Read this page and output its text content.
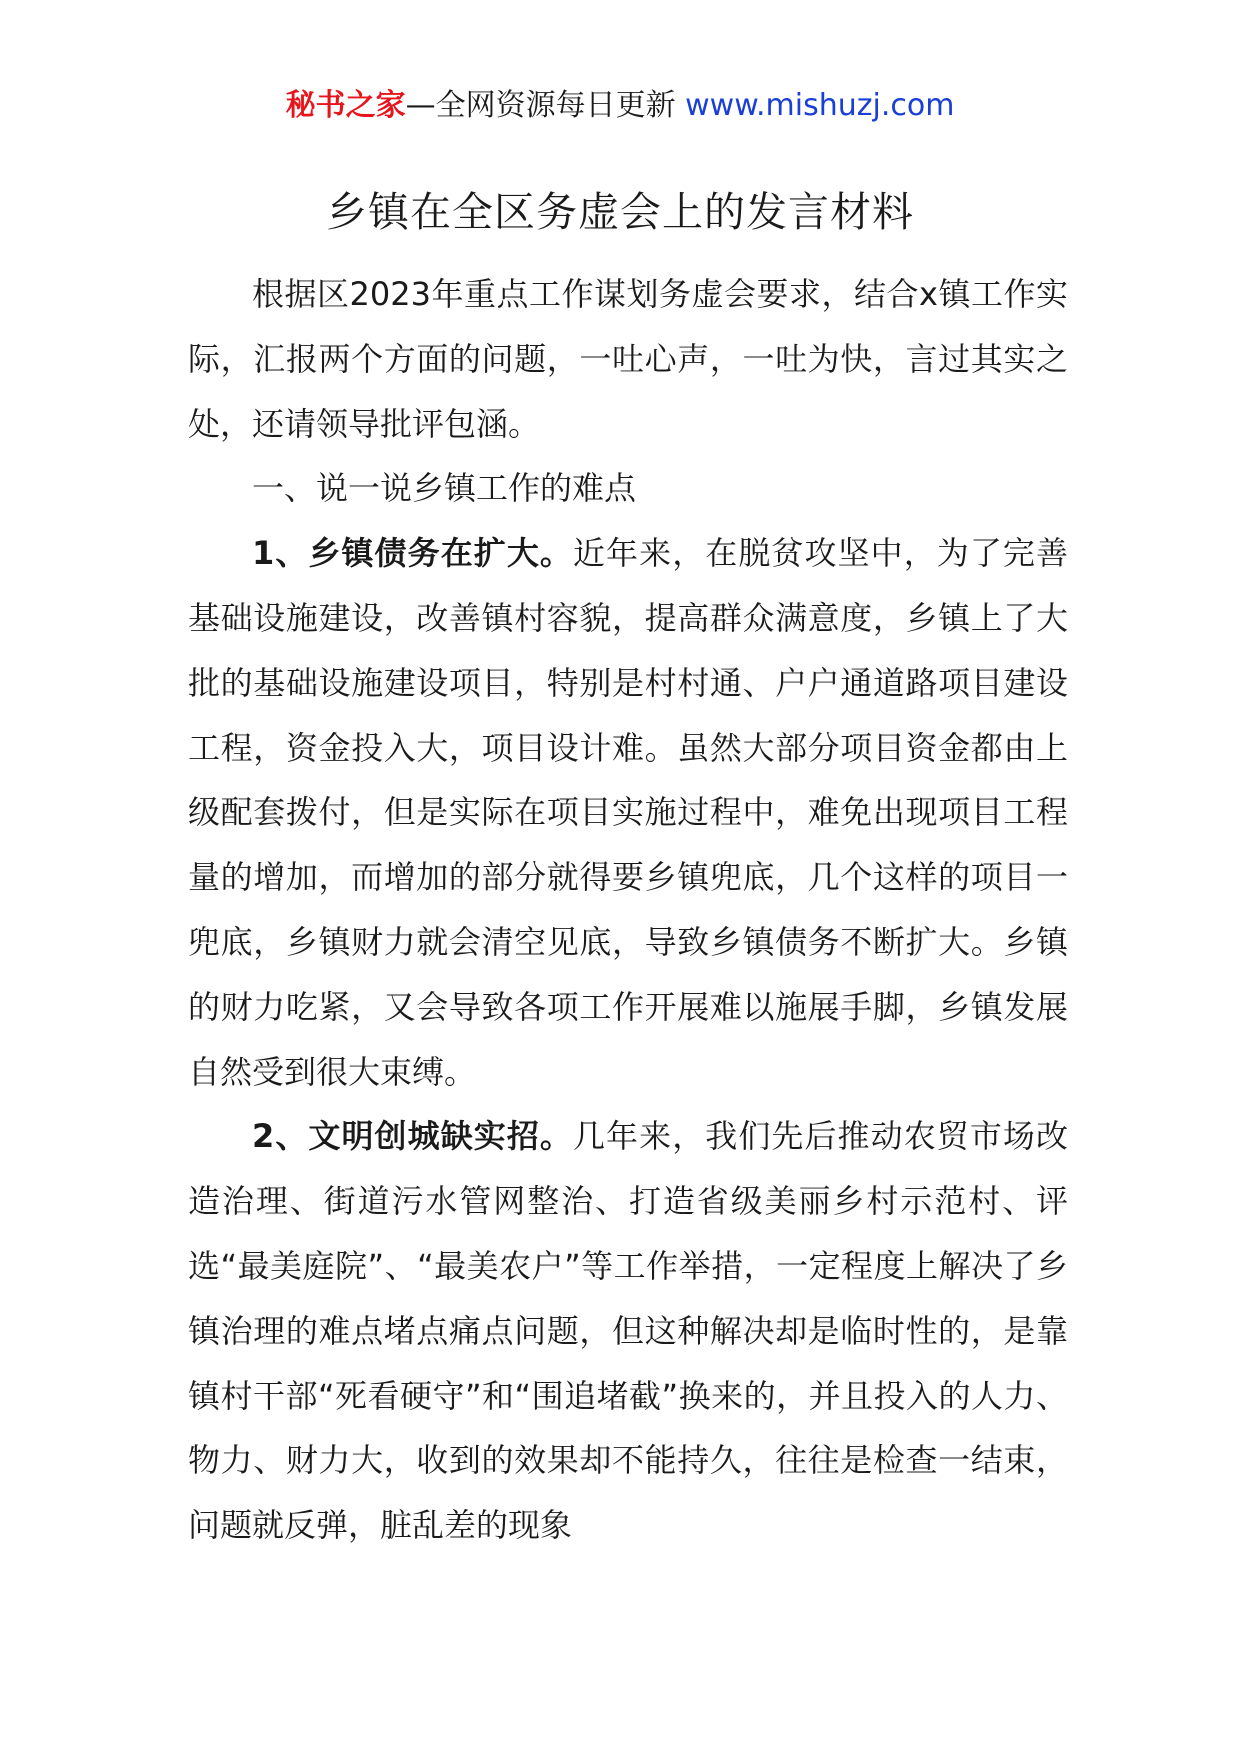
秘书之家—全网资源每日更新 www.mishuzj.com
乡镇在全区务虚会上的发言材料

根据区2023年重点工作谋划务虚会要求，结合x镇工作实际，汇报两个方面的问题，一吐心声，一吐为快，言过其实之处，还请领导批评包涵。

一、说一说乡镇工作的难点

1、乡镇债务在扩大。近年来，在脱贫攻坚中，为了完善基础设施建设，改善镇村容貌，提高群众满意度，乡镇上了大批的基础设施建设项目，特别是村村通、户户通道路项目建设工程，资金投入大，项目设计难。虽然大部分项目资金都由上级配套拨付，但是实际在项目实施过程中，难免出现项目工程量的增加，而增加的部分就得要乡镇兜底，几个这样的项目一兜底，乡镇财力就会清空见底，导致乡镇债务不断扩大。乡镇的财力吃紧，又会导致各项工作开展难以施展手脚，乡镇发展自然受到很大束缚。

2、文明创城缺实招。几年来，我们先后推动农贸市场改造治理、街道污水管网整治、打造省级美丽乡村示范村、评选“最美庭院”、“最美农户”等工作举措，一定程度上解决了乡镇治理的难点堵点痛点问题，但这种解决却是临时性的，是靠镇村干部“死看硬守”和“围追堵截”换来的，并且投入的人力、物力、财力大，收到的效果却不能持久，往往是检查一结束，问题就反弹，脏乱差的现象
